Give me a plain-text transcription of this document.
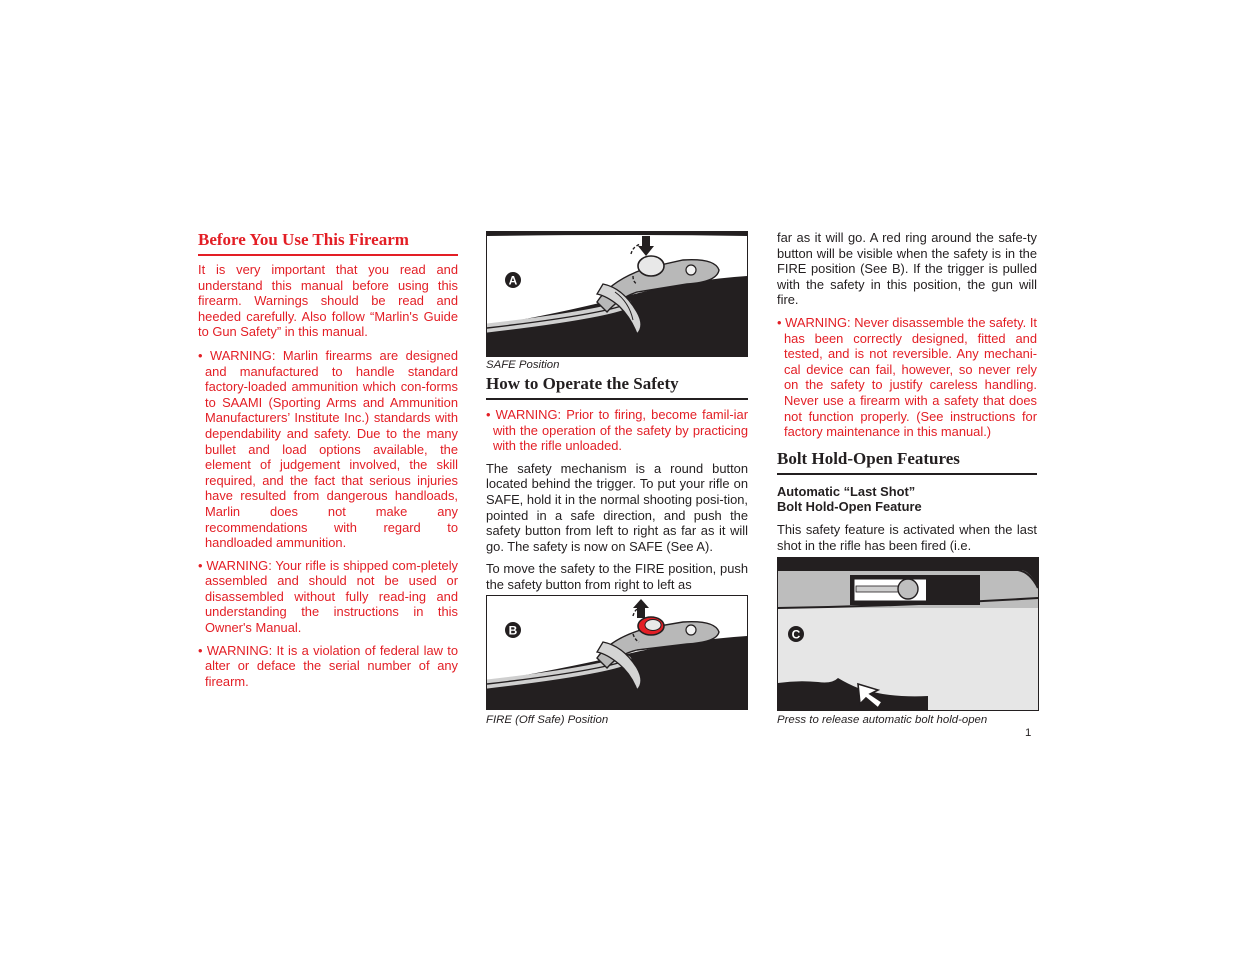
Before You Use This Firearm

It is very important that you read and understand this manual before using this firearm. Warnings should be read and heeded carefully. Also follow “Marlin's Guide to Gun Safety” in this manual.

• WARNING: Marlin firearms are designed and manufactured to handle standard factory-loaded ammunition which con-forms to SAAMI (Sporting Arms and Ammunition Manufacturers’ Institute Inc.) standards with dependability and safety. Due to the many bullet and load options available, the element of judgement involved, the skill required, and the fact that serious injuries have resulted from dangerous handloads, Marlin does not make any recommendations with regard to handloaded ammunition.

• WARNING: Your rifle is shipped com-pletely assembled and should not be used or disassembled without fully read-ing and understanding the instructions in this Owner's Manual.

• WARNING: It is a violation of federal law to alter or deface the serial number of any firearm.

A
SAFE Position
How to Operate the Safety

• WARNING: Prior to firing, become famil-iar with the operation of the safety by practicing with the rifle unloaded.

The safety mechanism is a round button located behind the trigger. To put your rifle on SAFE, hold it in the normal shooting posi-tion, pointed in a safe direction, and push the safety button from left to right as far as it will go. The safety is now on SAFE (See A).

To move the safety to the FIRE position, push the safety button from right to left as

B
FIRE (Off Safe) Position

far as it will go. A red ring around the safe-ty button will be visible when the safety is in the FIRE position (See B). If the trigger is pulled with the safety in this position, the gun will fire.

• WARNING: Never disassemble the safety. It has been correctly designed, fitted and tested, and is not reversible. Any mechani-cal device can fail, however, so never rely on the safety to justify careless handling. Never use a firearm with a safety that does not function properly. (See instructions for factory maintenance in this manual.)

Bolt Hold-Open Features
Automatic “Last Shot”
Bolt Hold-Open Feature

This safety feature is activated when the last shot in the rifle has been fired (i.e.

C
Press to release automatic bolt hold-open
1
